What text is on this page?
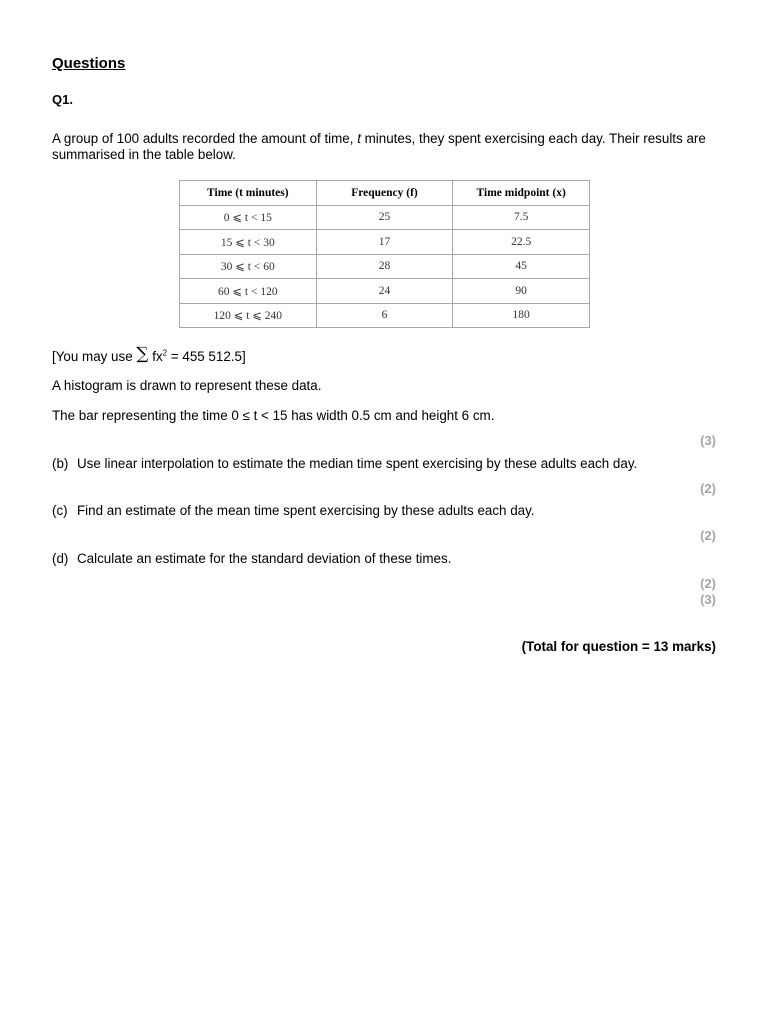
Questions
Q1.
A group of 100 adults recorded the amount of time, t minutes, they spent exercising each day. Their results are summarised in the table below.
Time (t minutes)	Frequency (f)	Time midpoint (x)
0 ⩽ t < 15	25	7.5
15 ⩽ t < 30	17	22.5
30 ⩽ t < 60	28	45
60 ⩽ t < 120	24	90
120 ⩽ t ⩽ 240	6	180
[You may use ∑ $fx^2 = 455$ 512.5]
A histogram is drawn to represent these data.
The bar representing the time 0 ≤ t < 15 has width 0.5 cm and height 6 cm.
(3)
(b) Use linear interpolation to estimate the median time spent exercising by these adults each day.
(2)
(c) Find an estimate of the mean time spent exercising by these adults each day.
(2)
(d) Calculate an estimate for the standard deviation of these times.
(2)
(3)
(Total for question = 13 marks)
